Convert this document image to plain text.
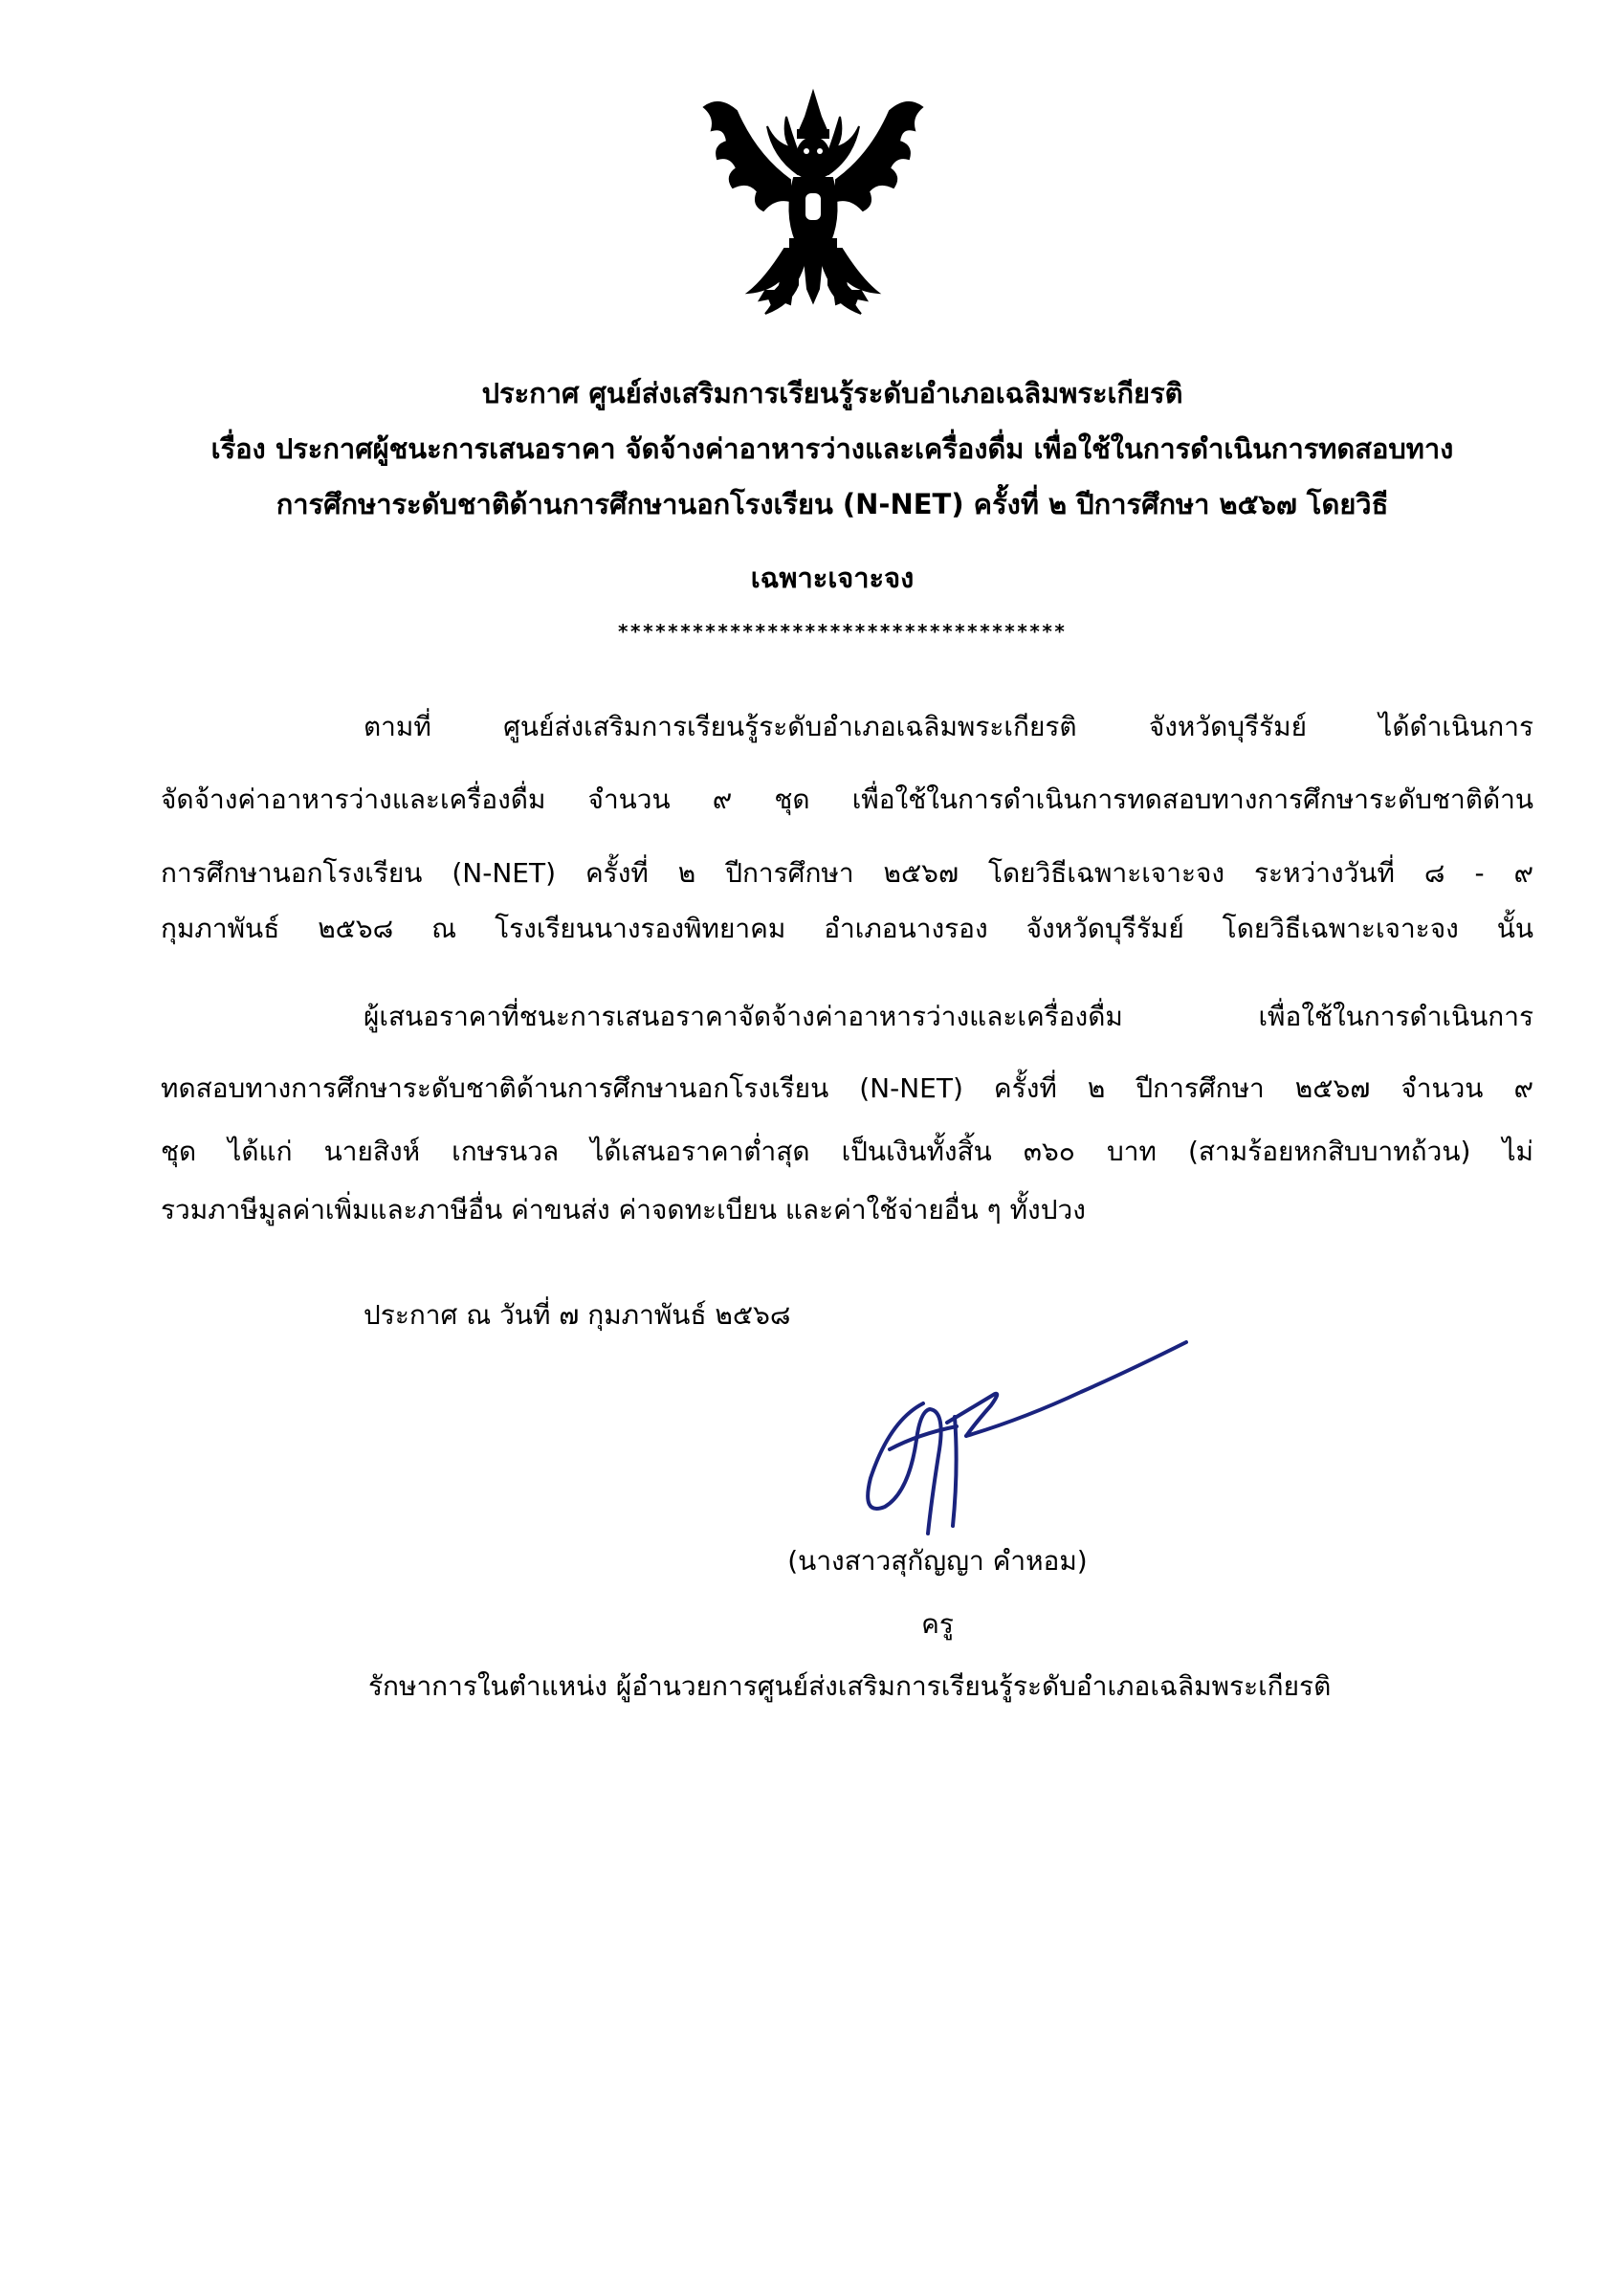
ประกาศ ศูนย์ส่งเสริมการเรียนรู้ระดับอำเภอเฉลิมพระเกียรติ
เรื่อง ประกาศผู้ชนะการเสนอราคา จัดจ้างค่าอาหารว่างและเครื่องดื่ม เพื่อใช้ในการดำเนินการทดสอบทาง
การศึกษาระดับชาติด้านการศึกษานอกโรงเรียน (N-NET) ครั้งที่ ๒ ปีการศึกษา ๒๕๖๗ โดยวิธี
เฉพาะเจาะจง
************************************
ตามที่ ศูนย์ส่งเสริมการเรียนรู้ระดับอำเภอเฉลิมพระเกียรติ จังหวัดบุรีรัมย์ ได้ดำเนินการ
จัดจ้างค่าอาหารว่างและเครื่องดื่ม จำนวน ๙ ชุด เพื่อใช้ในการดำเนินการทดสอบทางการศึกษาระดับชาติด้าน
การศึกษานอกโรงเรียน (N-NET) ครั้งที่ ๒ ปีการศึกษา ๒๕๖๗ โดยวิธีเฉพาะเจาะจง ระหว่างวันที่ ๘ - ๙
กุมภาพันธ์ ๒๕๖๘ ณ โรงเรียนนางรองพิทยาคม อำเภอนางรอง จังหวัดบุรีรัมย์ โดยวิธีเฉพาะเจาะจง นั้น
ผู้เสนอราคาที่ชนะการเสนอราคาจัดจ้างค่าอาหารว่างและเครื่องดื่ม เพื่อใช้ในการดำเนินการ
ทดสอบทางการศึกษาระดับชาติด้านการศึกษานอกโรงเรียน (N-NET) ครั้งที่ ๒ ปีการศึกษา ๒๕๖๗ จำนวน ๙
ชุด ได้แก่ นายสิงห์ เกษรนวล ได้เสนอราคาต่ำสุด เป็นเงินทั้งสิ้น ๓๖๐ บาท (สามร้อยหกสิบบาทถ้วน) ไม่
รวมภาษีมูลค่าเพิ่มและภาษีอื่น ค่าขนส่ง ค่าจดทะเบียน และค่าใช้จ่ายอื่น ๆ ทั้งปวง
ประกาศ ณ วันที่ ๗ กุมภาพันธ์ ๒๕๖๘
(นางสาวสุกัญญา คำหอม)
ครู
รักษาการในตำแหน่ง ผู้อำนวยการศูนย์ส่งเสริมการเรียนรู้ระดับอำเภอเฉลิมพระเกียรติ
